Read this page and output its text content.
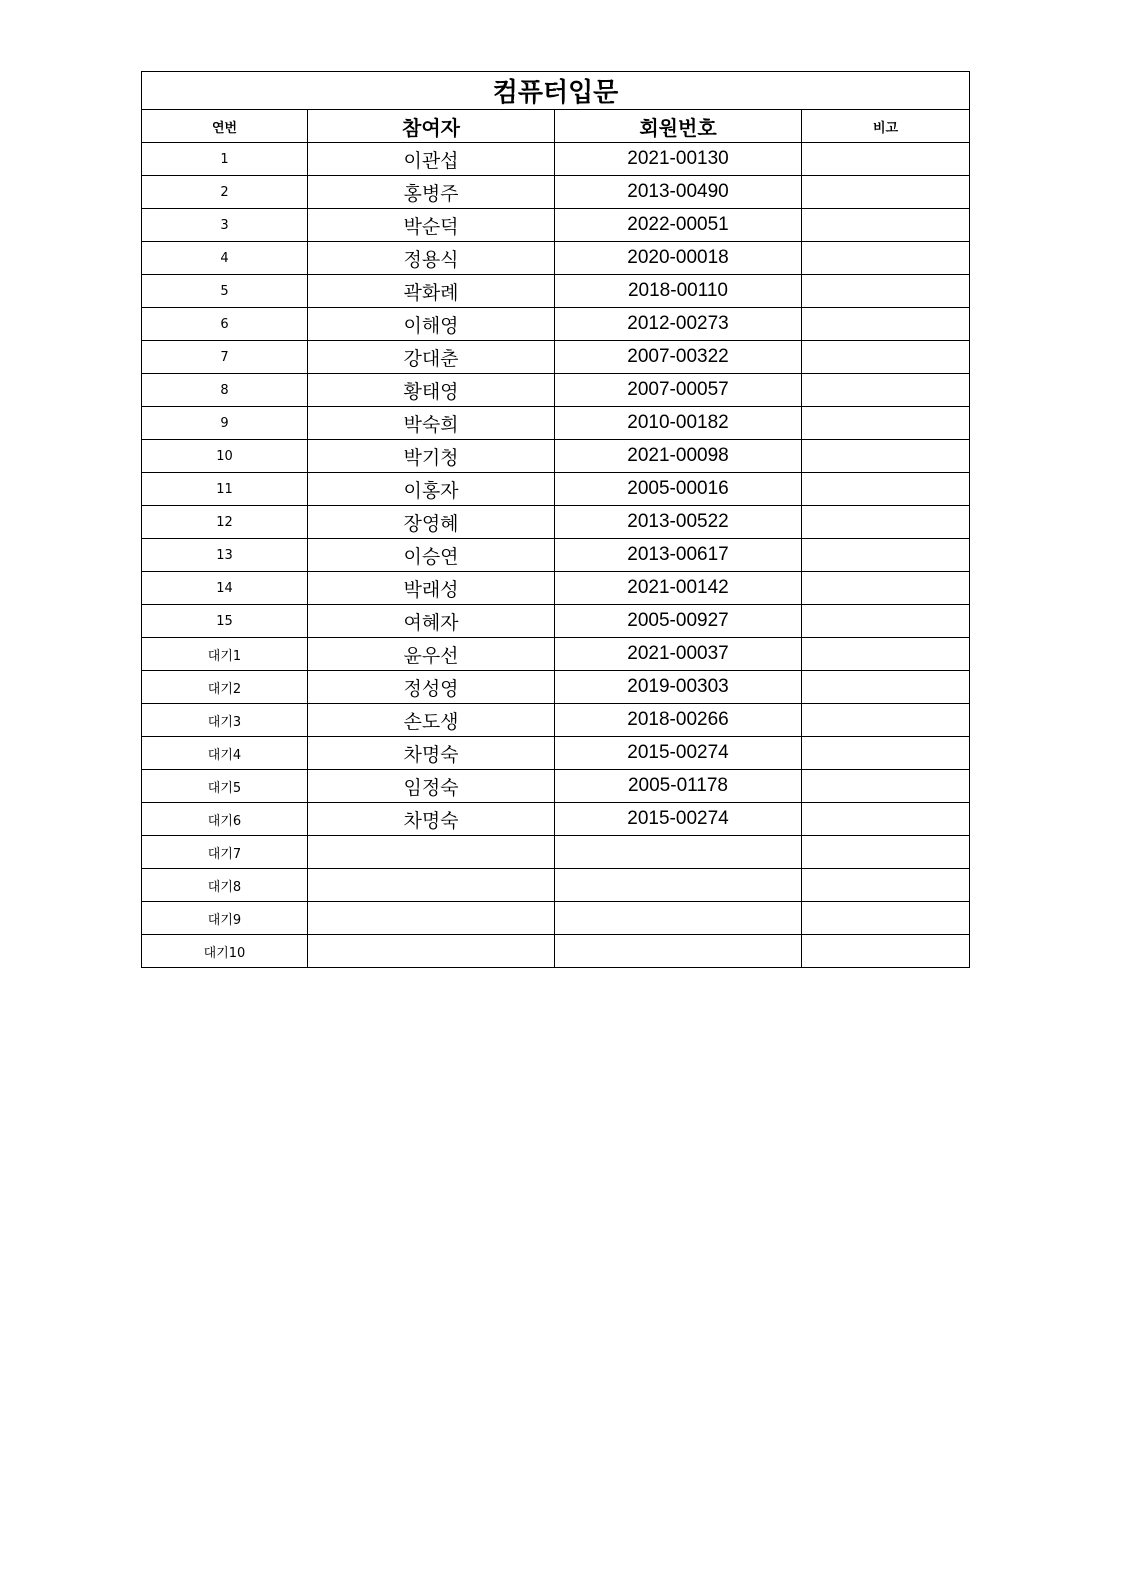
컴퓨터입문			
연번	참여자	회원번호	비고
1	이관섭	2021-00130	
2	홍병주	2013-00490	
3	박순덕	2022-00051	
4	정용식	2020-00018	
5	곽화례	2018-00110	
6	이해영	2012-00273	
7	강대춘	2007-00322	
8	황태영	2007-00057	
9	박숙희	2010-00182	
10	박기청	2021-00098	
11	이홍자	2005-00016	
12	장영혜	2013-00522	
13	이승연	2013-00617	
14	박래성	2021-00142	
15	여혜자	2005-00927	
대기1	윤우선	2021-00037	
대기2	정성영	2019-00303	
대기3	손도생	2018-00266	
대기4	차명숙	2015-00274	
대기5	임정숙	2005-01178	
대기6	차명숙	2015-00274	
대기7			
대기8			
대기9			
대기10			
